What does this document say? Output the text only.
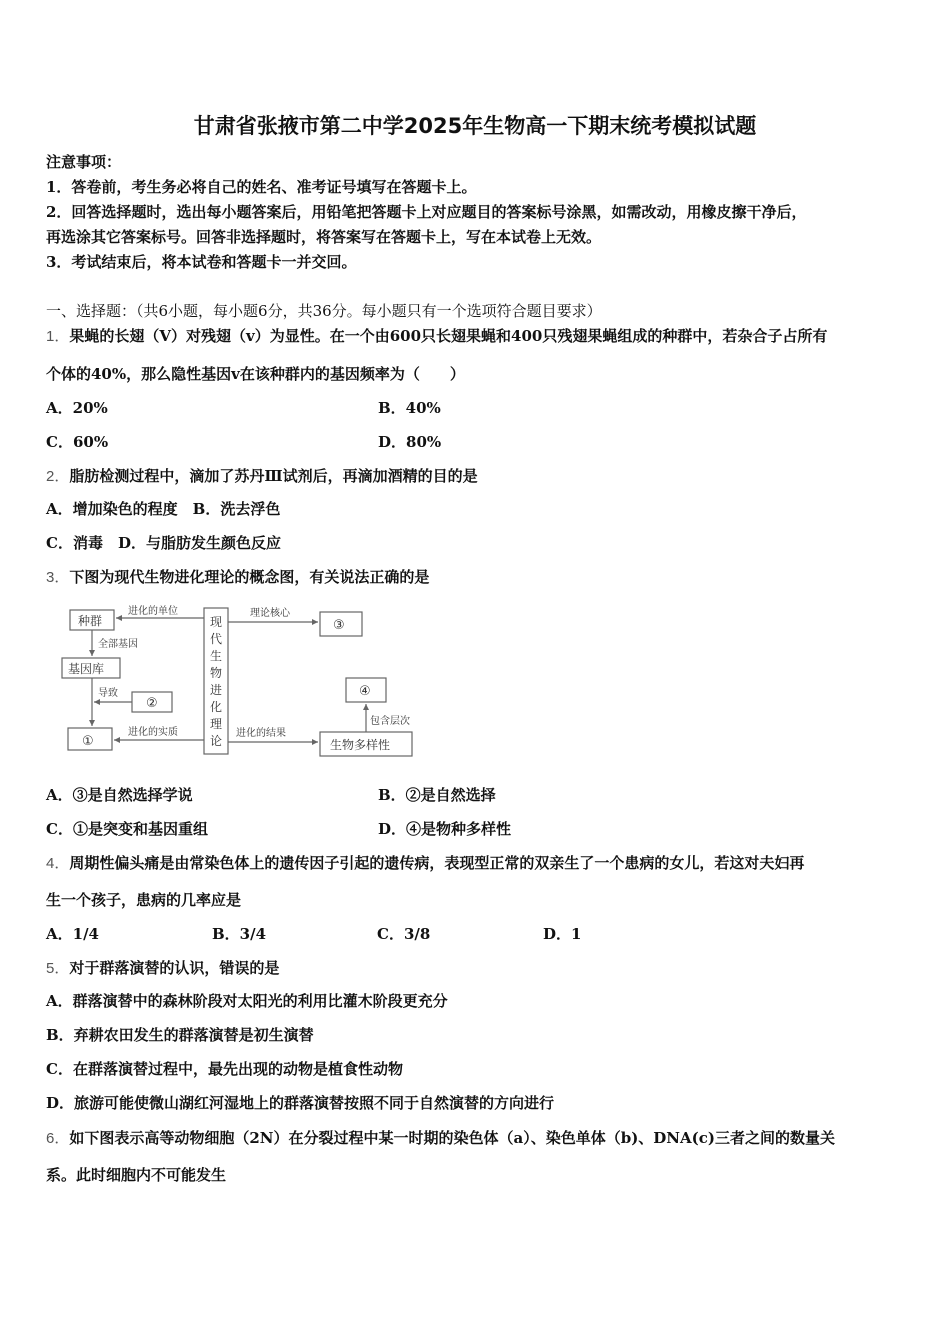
甘肃省张掖市第二中学2025年生物高一下期末统考模拟试题
注意事项：
1．答卷前，考生务必将自己的姓名、准考证号填写在答题卡上。
2．回答选择题时，选出每小题答案后，用铅笔把答题卡上对应题目的答案标号涂黑，如需改动，用橡皮擦干净后，
再选涂其它答案标号。回答非选择题时，将答案写在答题卡上，写在本试卷上无效。
3．考试结束后，将本试卷和答题卡一并交回。
一、选择题：（共6小题，每小题6分，共36分。每小题只有一个选项符合题目要求）
1．果蝇的长翅（V）对残翅（v）为显性。在一个由600只长翅果蝇和400只残翅果蝇组成的种群中，若杂合子占所有
个体的40%，那么隐性基因v在该种群内的基因频率为（　　）
A．20%	B．40%
C．60%	D．80%
2．脂肪检测过程中，滴加了苏丹Ⅲ试剂后，再滴加酒精的目的是
A．增加染色的程度　B．洗去浮色
C．消毒　D．与脂肪发生颜色反应
3．下图为现代生物进化理论的概念图，有关说法正确的是
种群
进化的单位
全部基因
基因库
导致
②
①
进化的实质
现
代
生
物
进
化
理
论
理论核心
③
④
包含层次
进化的结果
生物多样性
A．③是自然选择学说	B．②是自然选择
C．①是突变和基因重组	D．④是物种多样性
4．周期性偏头痛是由常染色体上的遗传因子引起的遗传病，表现型正常的双亲生了一个患病的女儿，若这对夫妇再
生一个孩子，患病的几率应是
A．1/4	B．3/4	C．3/8	D．1
5．对于群落演替的认识，错误的是
A．群落演替中的森林阶段对太阳光的利用比灌木阶段更充分
B．弃耕农田发生的群落演替是初生演替
C．在群落演替过程中，最先出现的动物是植食性动物
D．旅游可能使微山湖红河湿地上的群落演替按照不同于自然演替的方向进行
6．如下图表示高等动物细胞（2N）在分裂过程中某一时期的染色体（a）、染色单体（b)、DNA(c)三者之间的数量关
系。此时细胞内不可能发生
